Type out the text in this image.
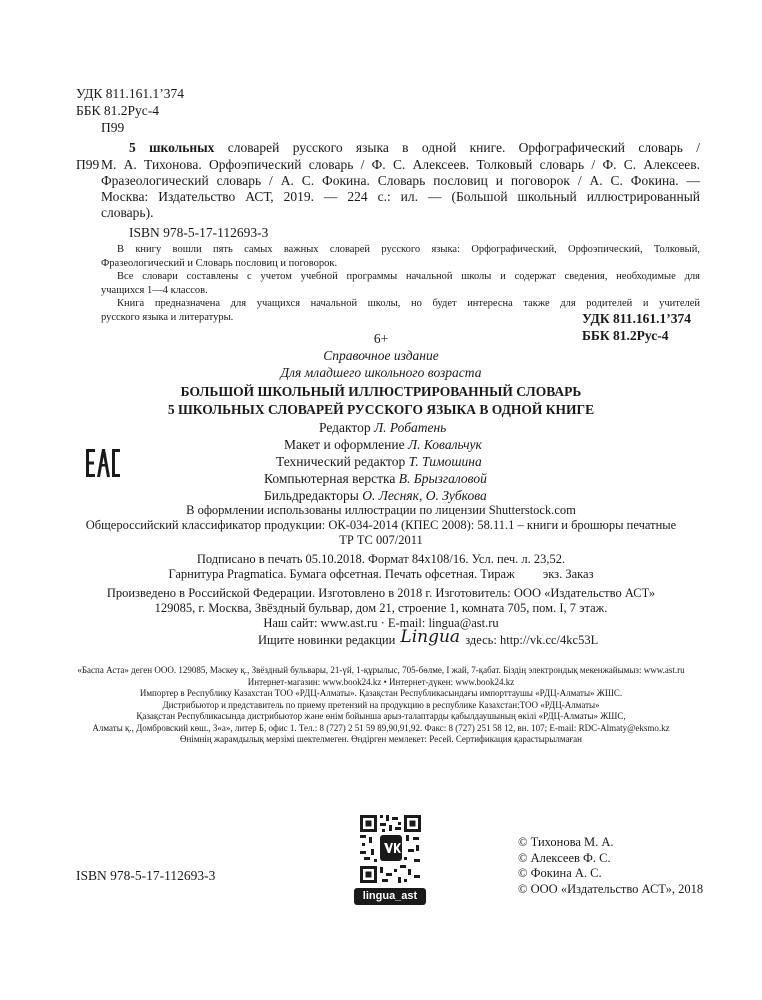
УДК 811.161.1’374
ББК 81.2Рус-4
П99
П99
5 школьных словарей русского языка в одной книге. Орфографический словарь /
М. А. Тихонова. Орфоэпический словарь / Ф. С. Алексеев. Толковый словарь / Ф. С. Алексеев.
Фразеологический словарь / А. С. Фокина. Словарь пословиц и поговорок / А. С. Фокина. —
Москва: Издательство АСТ, 2019. — 224 с.: ил. — (Большой школьный иллюстрированный
словарь).
ISBN 978-5-17-112693-3
В книгу вошли пять самых важных словарей русского языка: Орфографический, Орфоэпический, Толковый,
Фразеологический и Словарь пословиц и поговорок.
Все словари составлены с учетом учебной программы начальной школы и содержат сведения, необходимые для
учащихся 1—4 классов.
Книга предназначена для учащихся начальной школы, но будет интересна также для родителей и учителей
русского языка и литературы.	УДК 811.161.1’374
ББК 81.2Рус-4
6+
Справочное издание
Для младшего школьного возраста
БОЛЬШОЙ ШКОЛЬНЫЙ ИЛЛЮСТРИРОВАННЫЙ СЛОВАРЬ
5 ШКОЛЬНЫХ СЛОВАРЕЙ РУССКОГО ЯЗЫКА В ОДНОЙ КНИГЕ
Редактор Л. Робатень
Макет и оформление Л. Ковальчук
Технический редактор Т. Тимошина
Компьютерная верстка В. Брызгаловой
Бильдредакторы О. Лесняк, О. Зубкова
В оформлении использованы иллюстрации по лицензии Shutterstock.com
Общероссийский классификатор продукции: ОК-034-2014 (КПЕС 2008): 58.11.1 – книги и брошюры печатные
ТР ТС 007/2011
Подписано в печать 05.10.2018. Формат 84х108/16. Усл. печ. л. 23,52.
Гарнитура Pragmatica. Бумага офсетная. Печать офсетная. Тираж         экз. Заказ
Произведено в Российской Федерации. Изготовлено в 2018 г. Изготовитель: ООО «Издательство АСТ»
129085, г. Москва, Звёздный бульвар, дом 21, строение 1, комната 705, пом. I, 7 этаж.
Наш сайт: www.ast.ru · E-mail: lingua@ast.ru
Ищите новинки редакции Lingua здесь: http://vk.cc/4kc53L
«Баспа Аста» деген ООО. 129085, Мәскеу қ., Звёздный бульвары, 21-үй, 1-құрылыс, 705-бөлме, I жай, 7-қабат. Біздің электрондық мекенжайымыз: www.ast.ru
Интернет-магазин: www.book24.kz • Интернет-дүкен: www.book24.kz
Импортер в Республику Казахстан ТОО «РДЦ-Алматы». Қазақстан Республикасындағы импорттаушы «РДЦ-Алматы» ЖШС.
Дистрибьютор и представитель по приему претензий на продукцию в республике Казахстан:ТОО «РДЦ-Алматы»
Қазақстан Республикасында дистрибьютор және өнім бойынша арыз-талаптарды қабылдаушының өкілі «РДЦ-Алматы» ЖШС,
Алматы қ., Домбровский көш., 3«а», литер Б, офис 1. Тел.: 8 (727) 2 51 59 89,90,91,92. Факс: 8 (727) 251 58 12, вн. 107; E-mail: RDC-Almaty@eksmo.kz
Өнімнің жарамдылық мерзімі шектелмеген. Өндірген мемлекет: Ресей. Сертификация қарастырылмаған
lingua_ast
ISBN 978-5-17-112693-3
© Тихонова М. А.
© Алексеев Ф. С.
© Фокина А. С.
© ООО «Издательство АСТ», 2018
